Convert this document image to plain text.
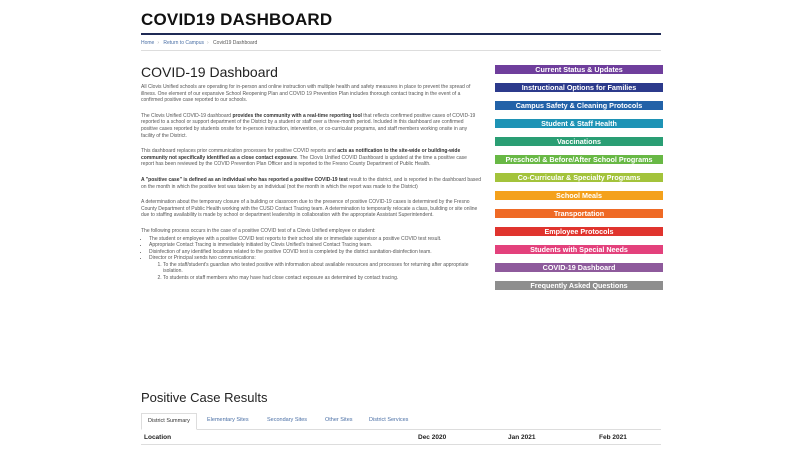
COVID19 DASHBOARD
Home › Return to Campus › Covid19 Dashboard
COVID-19 Dashboard

All Clovis Unified schools are operating for in-person and online instruction with multiple health and safety measures in place to prevent the spread of illness. One element of our expansive School Reopening Plan and COVID 19 Prevention Plan includes thorough contact tracing in the event of a confirmed positive case reported to our schools.

The Clovis Unified COVID-19 dashboard provides the community with a real-time reporting tool that reflects confirmed positive cases of COVID-19 reported to a school or support department of the District by a student or staff over a three-month period. Included in this dashboard are confirmed positive cases reported by students onsite for in-person instruction, intervention, or co-curricular programs, and staff members working onsite in any facility of the District.

This dashboard replaces prior communication processes for positive COVID reports and acts as notification to the site-wide or building-wide community not specifically identified as a close contact exposure. The Clovis Unified COVID Dashboard is updated at the time a positive case report has been reviewed by the COVID Prevention Plan Officer and is reported to the Fresno County Department of Public Health.

A "positive case" is defined as an individual who has reported a positive COVID-19 test result to the district, and is reported in the dashboard based on the month in which the positive test was taken by an individual (not the month in which the report was made to the District)

A determination about the temporary closure of a building or classroom due to the presence of positive COVID-19 cases is determined by the Fresno County Department of Public Health working with the CUSD Contact Tracing team. A determination to temporarily relocate a class, building or site online due to staffing availability is made by school or department leadership in collaboration with the appropriate Assistant Superintendent.

The following process occurs in the case of a positive COVID test of a Clovis Unified employee or student:

• The student or employee with a positive COVID test reports to their school site or immediate supervisor a positive COVID test result.
• Appropriate Contact Tracing is immediately initiated by Clovis Unified's trained Contact Tracing team.
• Disinfection of any identified locations related to the positive COVID test is completed by the district sanitation-disinfection team.
• Director or Principal sends two communications:
1. To the staff/student's guardian who tested positive with information about available resources and processes for returning after appropriate isolation.
2. To students or staff members who may have had close contact exposure as determined by contact tracing.
Current Status & Updates
Instructional Options for Families
Campus Safety & Cleaning Protocols
Student & Staff Health
Vaccinations
Preschool & Before/After School Programs
Co-Curricular & Specialty Programs
School Meals
Transportation
Employee Protocols
Students with Special Needs
COVID-19 Dashboard
Frequently Asked Questions
Positive Case Results
District Summary	Elementary Sites	Secondary Sites	Other Sites	District Services
Location	Dec 2020	Jan 2021	Feb 2021
